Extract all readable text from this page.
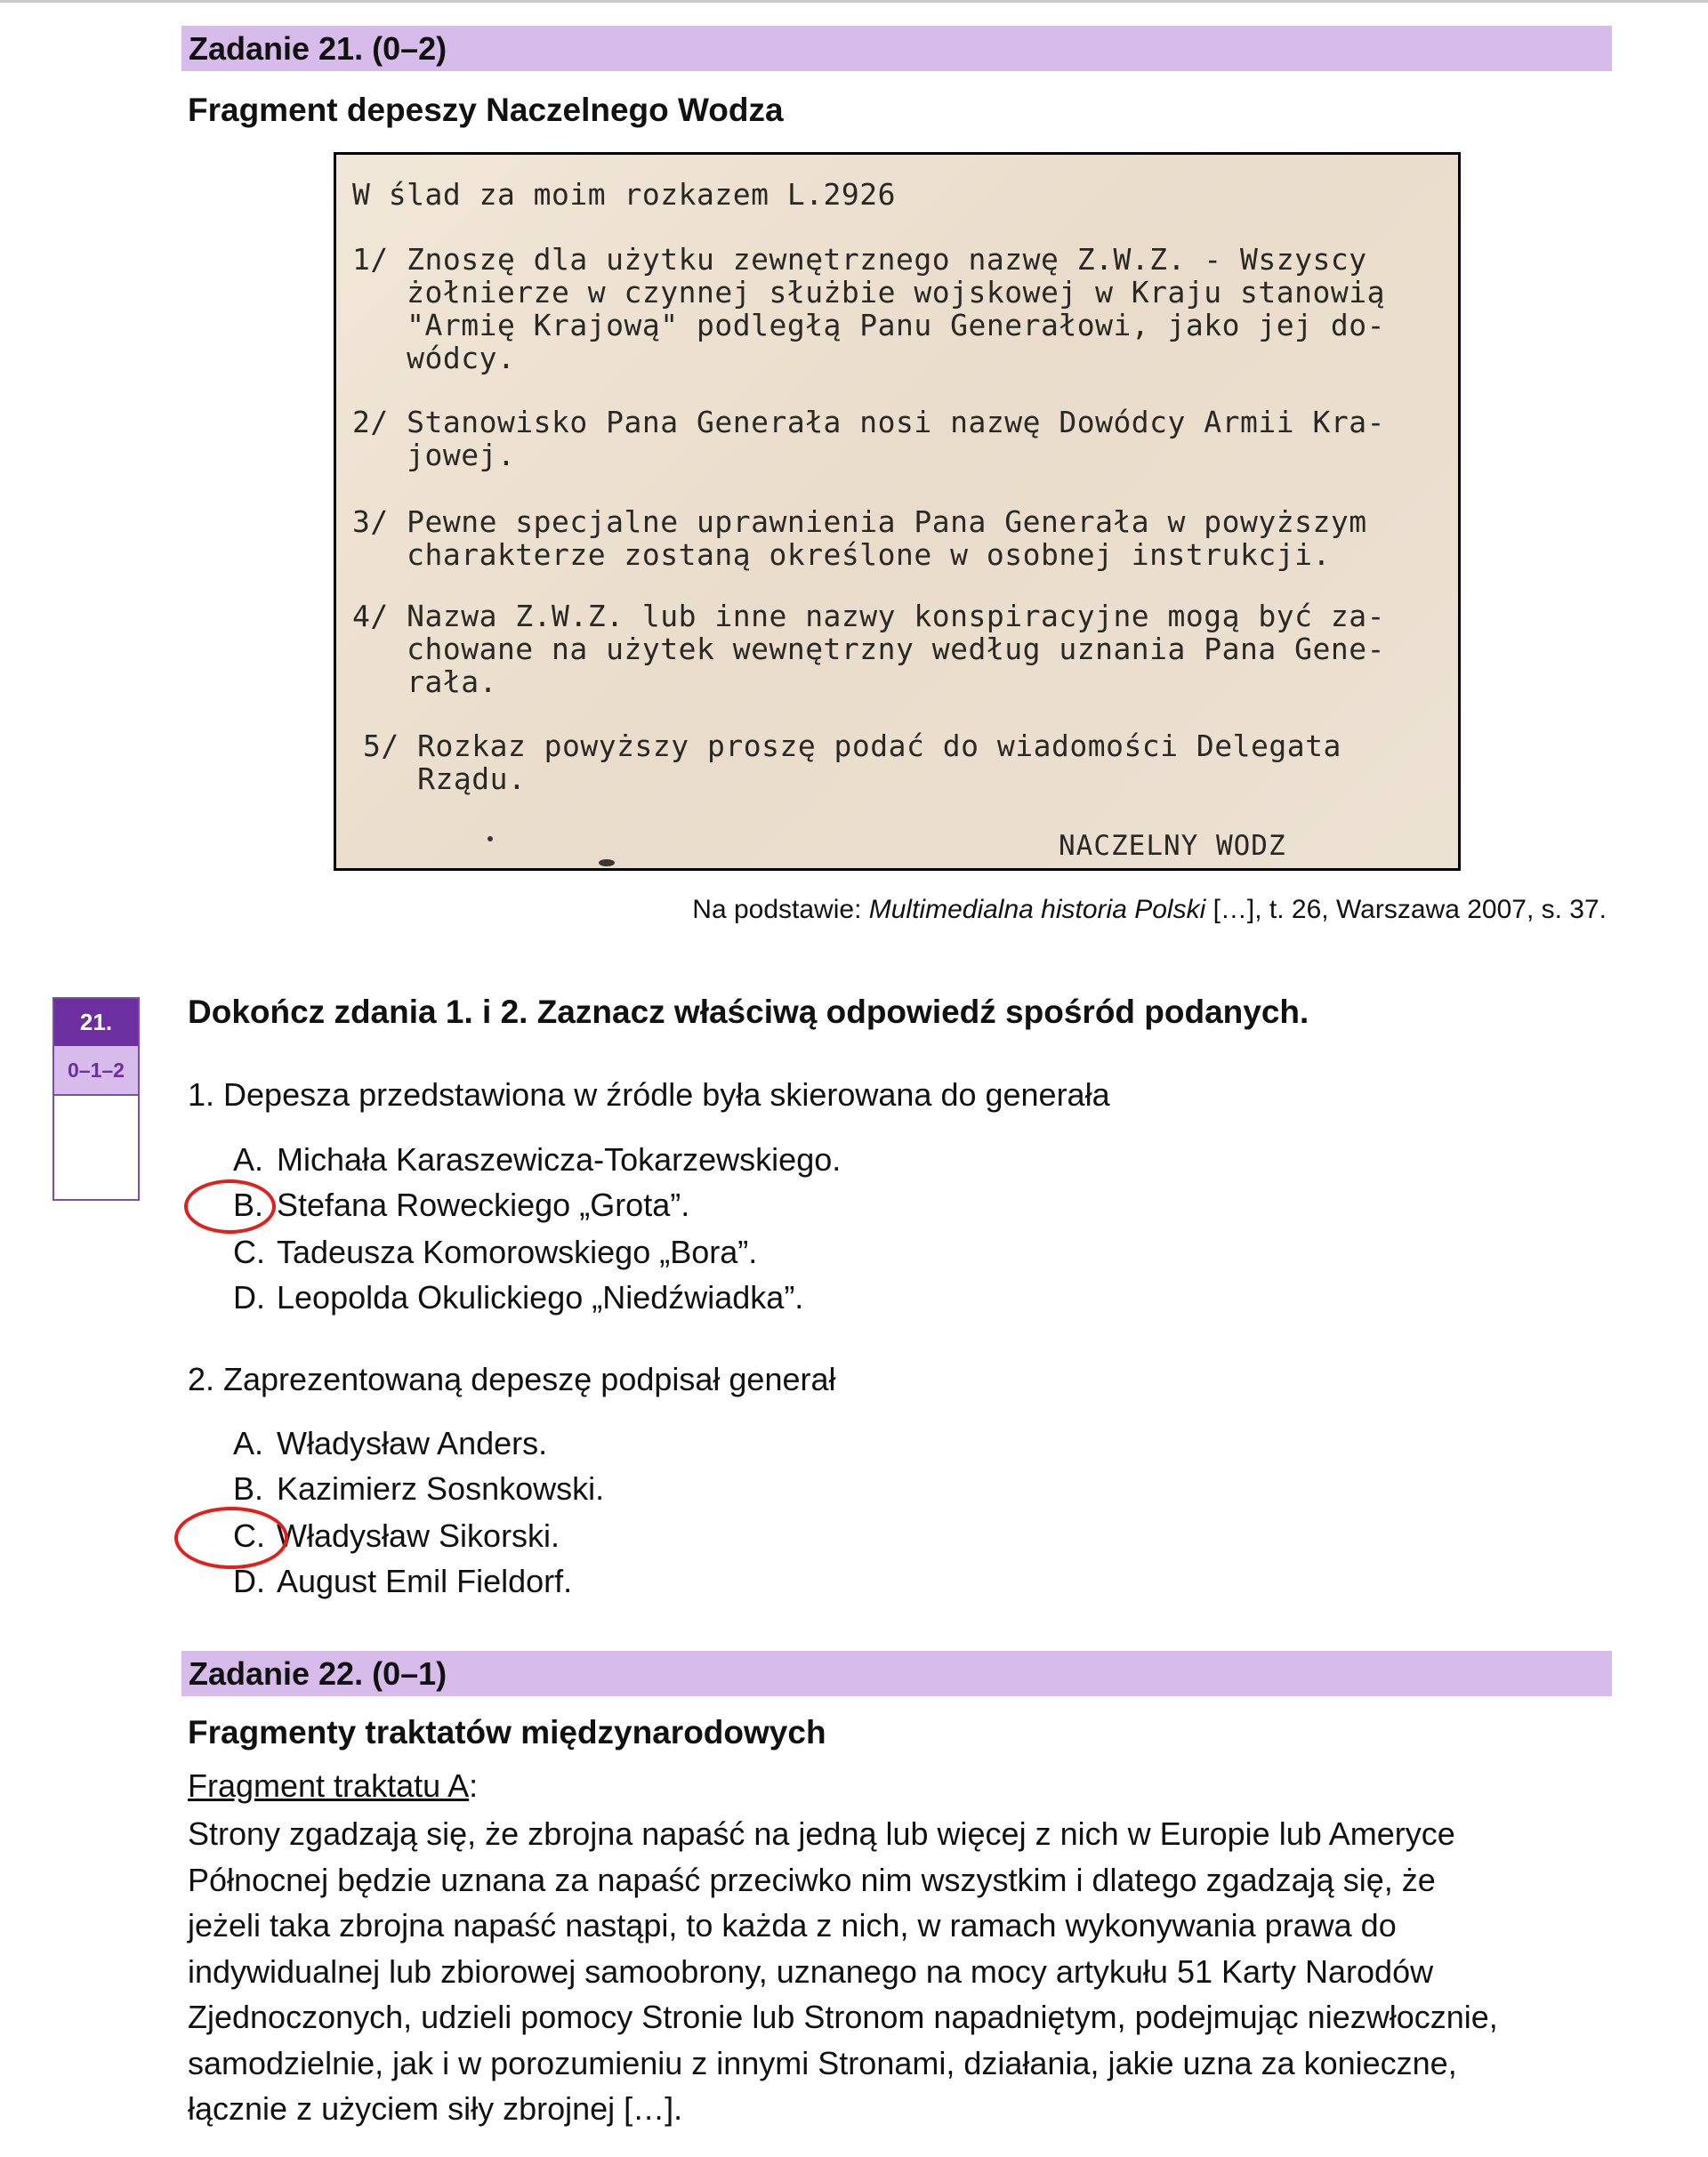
Zadanie 21. (0–2)
Fragment depeszy Naczelnego Wodza
W ślad za moim rozkazem L.2926
1/ Znoszę dla użytku zewnętrznego nazwę Z.W.Z. - Wszyscy
żołnierze w czynnej służbie wojskowej w Kraju stanowią
"Armię Krajową" podległą Panu Generałowi, jako jej do-
wódcy.
2/ Stanowisko Pana Generała nosi nazwę Dowódcy Armii Kra-
jowej.
3/ Pewne specjalne uprawnienia Pana Generała w powyższym
charakterze zostaną określone w osobnej instrukcji.
4/ Nazwa Z.W.Z. lub inne nazwy konspiracyjne mogą być za-
chowane na użytek wewnętrzny według uznania Pana Gene-
rała.
5/ Rozkaz powyższy proszę podać do wiadomości Delegata
Rządu.
NACZELNY WODZ
Na podstawie: Multimedialna historia Polski […], t. 26, Warszawa 2007, s. 37.
21.
0–1–2
Dokończ zdania 1. i 2. Zaznacz właściwą odpowiedź spośród podanych.
1. Depesza przedstawiona w źródle była skierowana do generała
A. Michała Karaszewicza-Tokarzewskiego.
B. Stefana Roweckiego „Grota”.
C. Tadeusza Komorowskiego „Bora”.
D. Leopolda Okulickiego „Niedźwiadka”.
2. Zaprezentowaną depeszę podpisał generał
A. Władysław Anders.
B. Kazimierz Sosnkowski.
C. Władysław Sikorski.
D. August Emil Fieldorf.
Zadanie 22. (0–1)
Fragmenty traktatów międzynarodowych
Fragment traktatu A:
Strony zgadzają się, że zbrojna napaść na jedną lub więcej z nich w Europie lub Ameryce
Północnej będzie uznana za napaść przeciwko nim wszystkim i dlatego zgadzają się, że
jeżeli taka zbrojna napaść nastąpi, to każda z nich, w ramach wykonywania prawa do
indywidualnej lub zbiorowej samoobrony, uznanego na mocy artykułu 51 Karty Narodów
Zjednoczonych, udzieli pomocy Stronie lub Stronom napadniętym, podejmując niezwłocznie,
samodzielnie, jak i w porozumieniu z innymi Stronami, działania, jakie uzna za konieczne,
łącznie z użyciem siły zbrojnej […].
